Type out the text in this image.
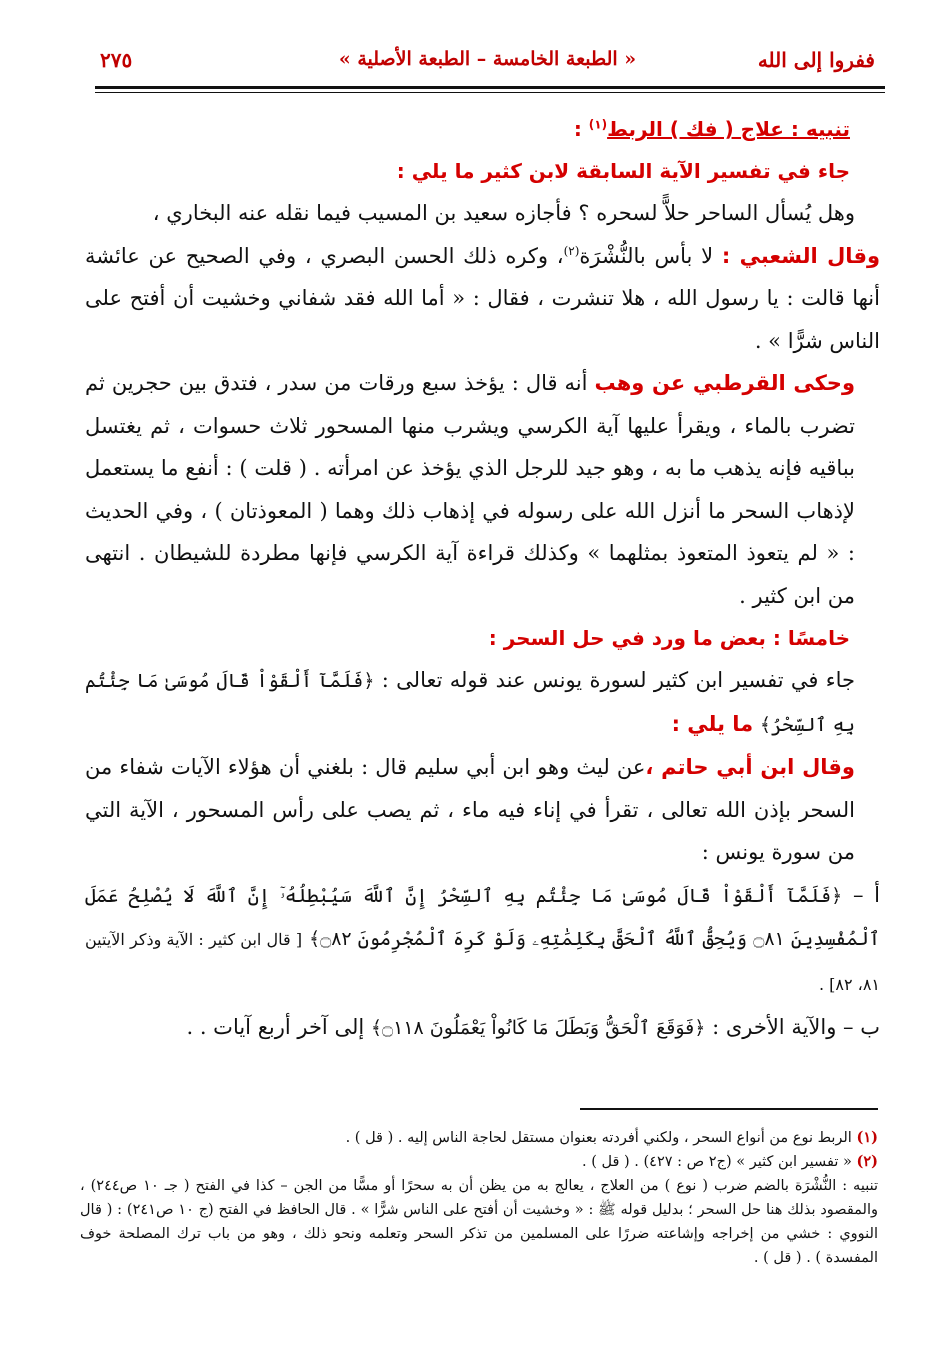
ففروا إلى الله
« الطبعة الخامسة – الطبعة الأصلية »
٢٧٥

تنبيه : علاج ( فك ) الربط$^{(١)}$ :

جاء في تفسير الآية السابقة لابن كثير ما يلي :

وهل يُسأل الساحر حلاًّ لسحره ؟ فأجازه سعيد بن المسيب فيما نقله عنه البخاري ،

وقال الشعبي : لا بأس بالنُّشْرَة$^{(٢)}$، وكره ذلك الحسن البصري ، وفي الصحيح عن عائشة أنها قالت : يا رسول الله ، هلا تنشرت ، فقال : « أما الله فقد شفاني وخشيت أن أفتح على الناس شرًّا » .

وحكى القرطبي عن وهب أنه قال : يؤخذ سبع ورقات من سدر ، فتدق بين حجرين ثم تضرب بالماء ، ويقرأ عليها آية الكرسي ويشرب منها المسحور ثلاث حسوات ، ثم يغتسل بباقيه فإنه يذهب ما به ، وهو جيد للرجل الذي يؤخذ عن امرأته . ( قلت ) : أنفع ما يستعمل لإذهاب السحر ما أنزل الله على رسوله في إذهاب ذلك وهما ( المعوذتان ) ، وفي الحديث : « لم يتعوذ المتعوذ بمثلهما » وكذلك قراءة آية الكرسي فإنها مطردة للشيطان . انتهى من ابن كثير .

خامسًا : بعض ما ورد في حل السحر :

جاء في تفسير ابن كثير لسورة يونس عند قوله تعالى : ﴿فَلَمَّآ أَلْقَوْاْ قَالَ مُوسَىٰ مَا جِئْتُم بِهِ ٱلسِّحْرُ﴾ ما يلي :

وقال ابن أبي حاتم ،عن ليث وهو ابن أبي سليم قال : بلغني أن هؤلاء الآيات شفاء من السحر بإذن الله تعالى ، تقرأ في إناء فيه ماء ، ثم يصب على رأس المسحور ، الآية التي من سورة يونس :

أ – ﴿فَلَمَّآ أَلْقَوْاْ قَالَ مُوسَىٰ مَا جِئْتُم بِهِ ٱلسِّحْرُ إِنَّ ٱللَّهَ سَيُبْطِلُهُۥٓ إِنَّ ٱللَّهَ لَا يُصْلِحُ عَمَلَ ٱلْمُفْسِدِينَ ۝٨١ وَيُحِقُّ ٱللَّهُ ٱلْحَقَّ بِكَلِمَٰتِهِۦ وَلَوْ كَرِهَ ٱلْمُجْرِمُونَ ۝٨٢﴾ [ قال ابن كثير : الآية وذكر الآيتين ٨١، ٨٢] .

ب – والآية الأخرى : ﴿فَوَقَعَ ٱلْحَقُّ وَبَطَلَ مَا كَانُواْ يَعْمَلُونَ ۝١١٨﴾ إلى آخر أربع آيات . .

(١) الربط نوع من أنواع السحر ، ولكني أفردته بعنوان مستقل لحاجة الناس إليه . ( قل ) .

(٢) « تفسير ابن كثير » (ج٢ ص : ٤٢٧) . ( قل ) .

تنبيه : النُّشْرَة بالضم ضرب ( نوع ) من العلاج ، يعالج به من يظن أن به سحرًا أو مسًّا من الجن – كذا في الفتح ( جـ ١٠ ص٢٤٤) ، والمقصود بذلك هنا حل السحر ؛ بدليل قوله ﷺ : « وخشيت أن أفتح على الناس شرًّا » . قال الحافظ في الفتح (ج ١٠ ص٢٤١) : ( قال النووي : خشي من إخراجه وإشاعته ضررًا على المسلمين من تذكر السحر وتعلمه ونحو ذلك ، وهو من باب ترك المصلحة خوف المفسدة ) . ( قل ) .
